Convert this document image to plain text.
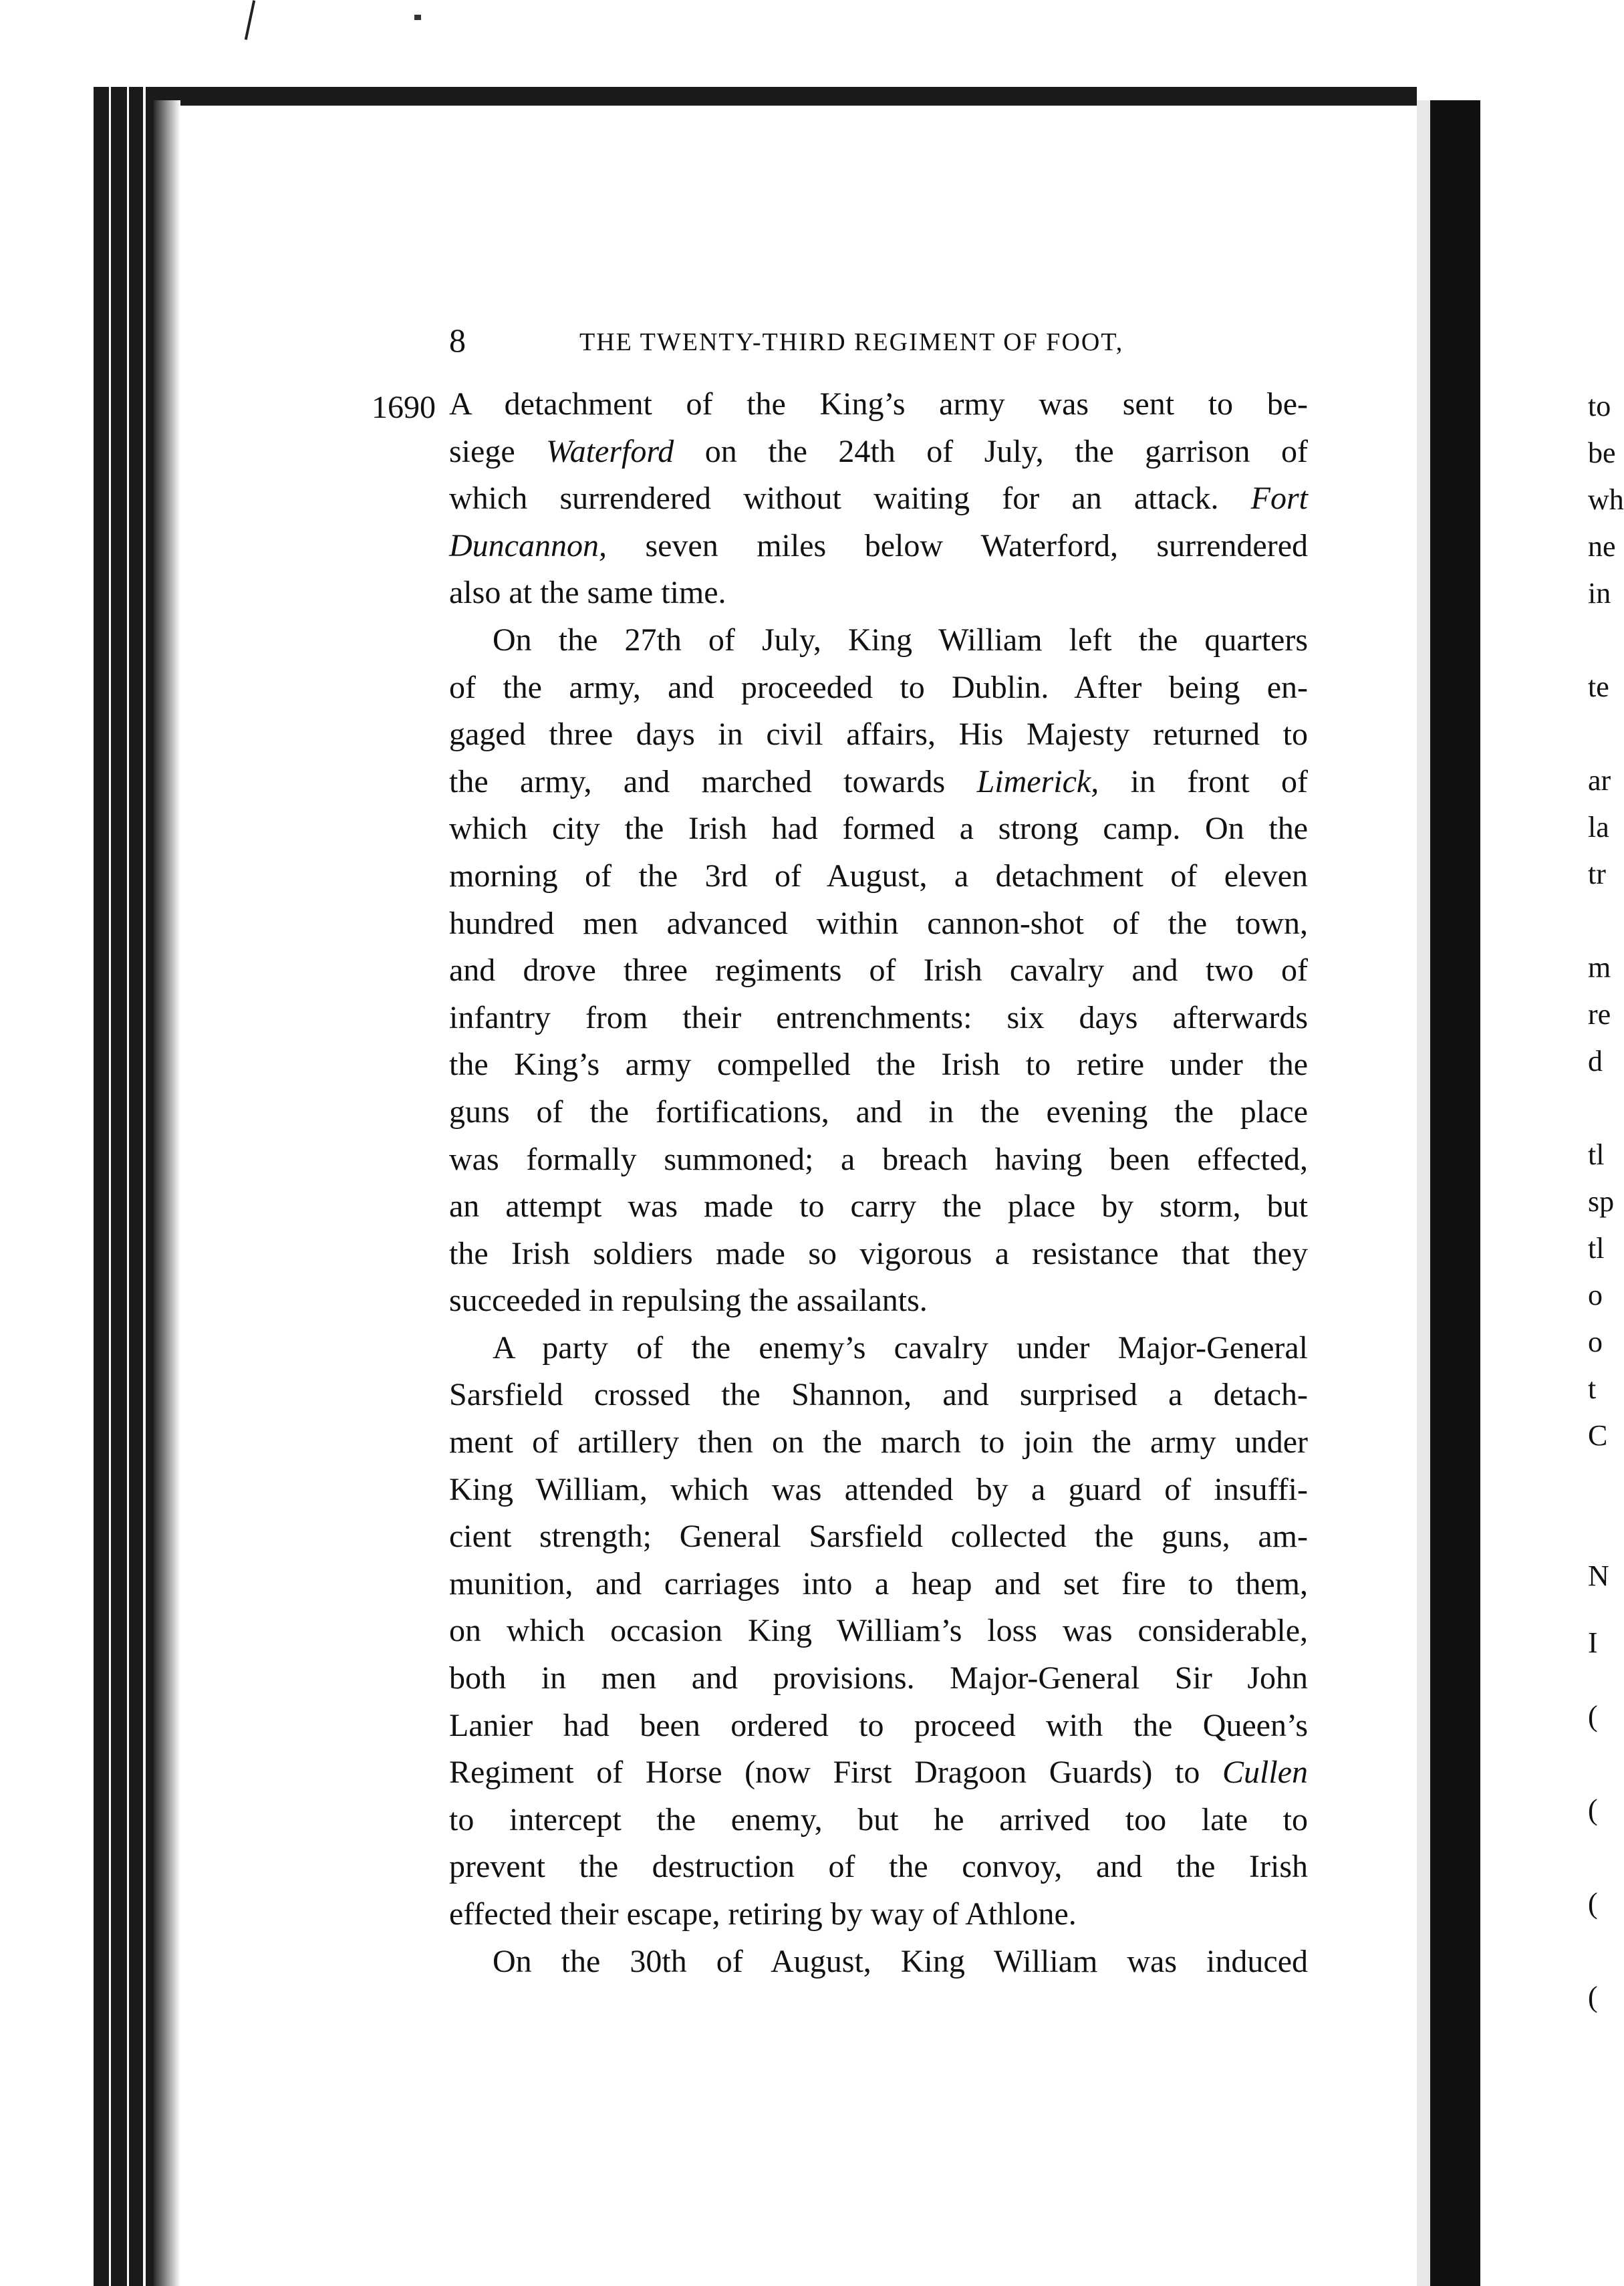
8	THE TWENTY-THIRD REGIMENT OF FOOT,
1690 A detachment of the King’s army was sent to be-
siege Waterford on the 24th of July, the garrison of
which surrendered without waiting for an attack. Fort
Duncannon, seven miles below Waterford, surrendered
also at the same time.

On the 27th of July, King William left the quarters
of the army, and proceeded to Dublin. After being en-
gaged three days in civil affairs, His Majesty returned to
the army, and marched towards Limerick, in front of
which city the Irish had formed a strong camp. On the
morning of the 3rd of August, a detachment of eleven
hundred men advanced within cannon-shot of the town,
and drove three regiments of Irish cavalry and two of
infantry from their entrenchments: six days afterwards
the King’s army compelled the Irish to retire under the
guns of the fortifications, and in the evening the place
was formally summoned; a breach having been effected,
an attempt was made to carry the place by storm, but
the Irish soldiers made so vigorous a resistance that they
succeeded in repulsing the assailants.

A party of the enemy’s cavalry under Major-General
Sarsfield crossed the Shannon, and surprised a detach-
ment of artillery then on the march to join the army under
King William, which was attended by a guard of insuffi-
cient strength; General Sarsfield collected the guns, am-
munition, and carriages into a heap and set fire to them,
on which occasion King William’s loss was considerable,
both in men and provisions. Major-General Sir John
Lanier had been ordered to proceed with the Queen’s
Regiment of Horse (now First Dragoon Guards) to Cullen
to intercept the enemy, but he arrived too late to
prevent the destruction of the convoy, and the Irish
effected their escape, retiring by way of Athlone.

On the 30th of August, King William was induced

to
be
wh
ne
in
te
ar
la
tr
m
re
d
tl
sp
tl
o
o
t
C
N
I
(
(
(
(
